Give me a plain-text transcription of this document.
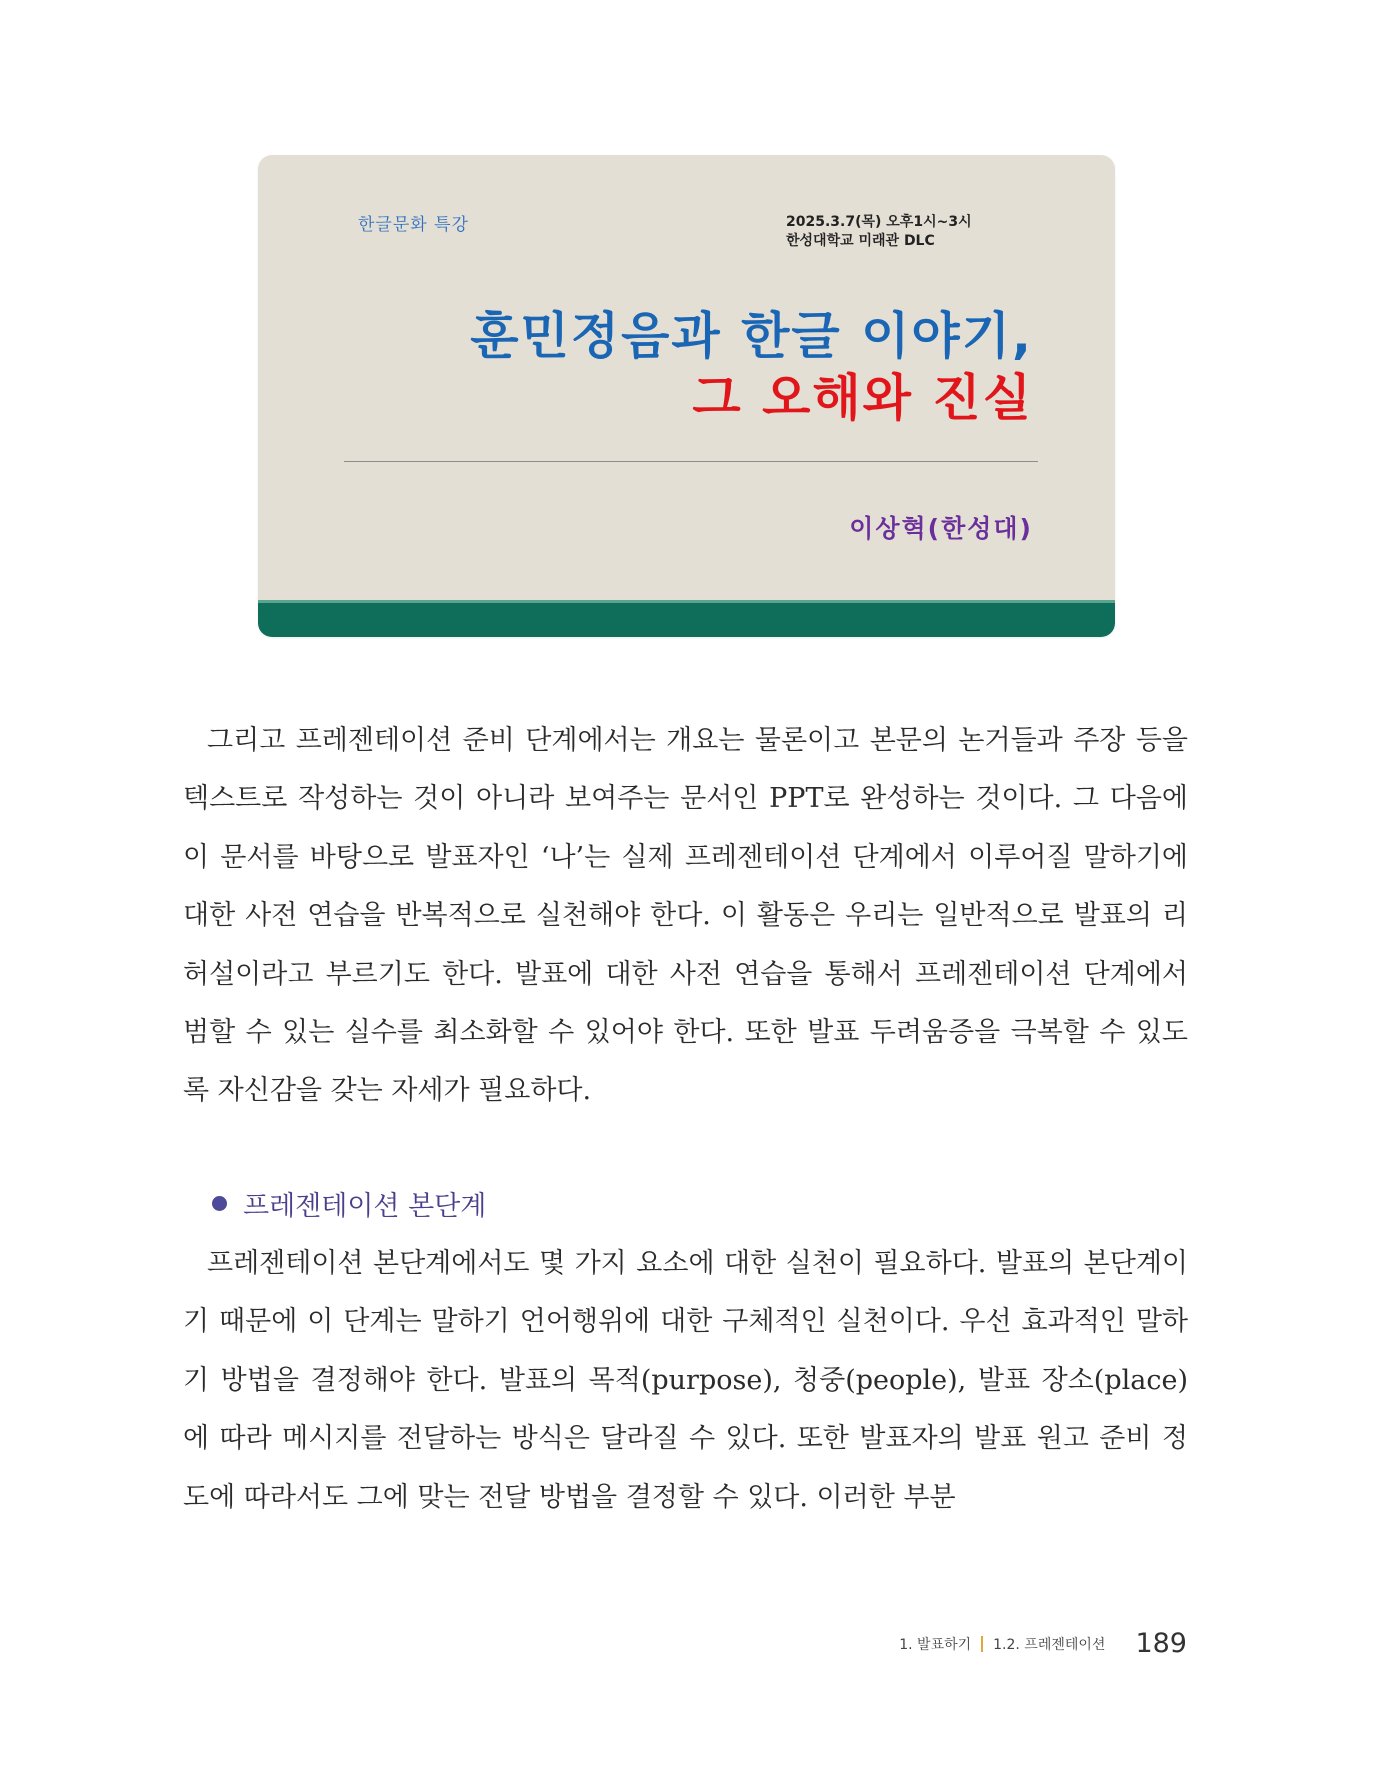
한글문화 특강	2025.3.7(목) 오후1시~3시
한성대학교 미래관 DLC
훈민정음과 한글 이야기,
그 오해와 진실
이상혁(한성대)

그리고 프레젠테이션 준비 단계에서는 개요는 물론이고 본문의 논거들과 주장 등을 텍스트로 작성하는 것이 아니라 보여주는 문서인 PPT로 완성하는 것이다. 그 다음에 이 문서를 바탕으로 발표자인 ‘나’는 실제 프레젠테이션 단계에서 이루어질 말하기에 대한 사전 연습을 반복적으로 실천해야 한다. 이 활동은 우리는 일반적으로 발표의 리허설이라고 부르기도 한다. 발표에 대한 사전 연습을 통해서 프레젠테이션 단계에서 범할 수 있는 실수를 최소화할 수 있어야 한다. 또한 발표 두려움증을 극복할 수 있도록 자신감을 갖는 자세가 필요하다.

프레젠테이션 본단계

프레젠테이션 본단계에서도 몇 가지 요소에 대한 실천이 필요하다. 발표의 본단계이기 때문에 이 단계는 말하기 언어행위에 대한 구체적인 실천이다. 우선 효과적인 말하기 방법을 결정해야 한다. 발표의 목적(purpose), 청중(people), 발표 장소(place)에 따라 메시지를 전달하는 방식은 달라질 수 있다. 또한 발표자의 발표 원고 준비 정도에 따라서도 그에 맞는 전달 방법을 결정할 수 있다. 이러한 부분

1. 발표하기 1.2. 프레젠테이션 189
